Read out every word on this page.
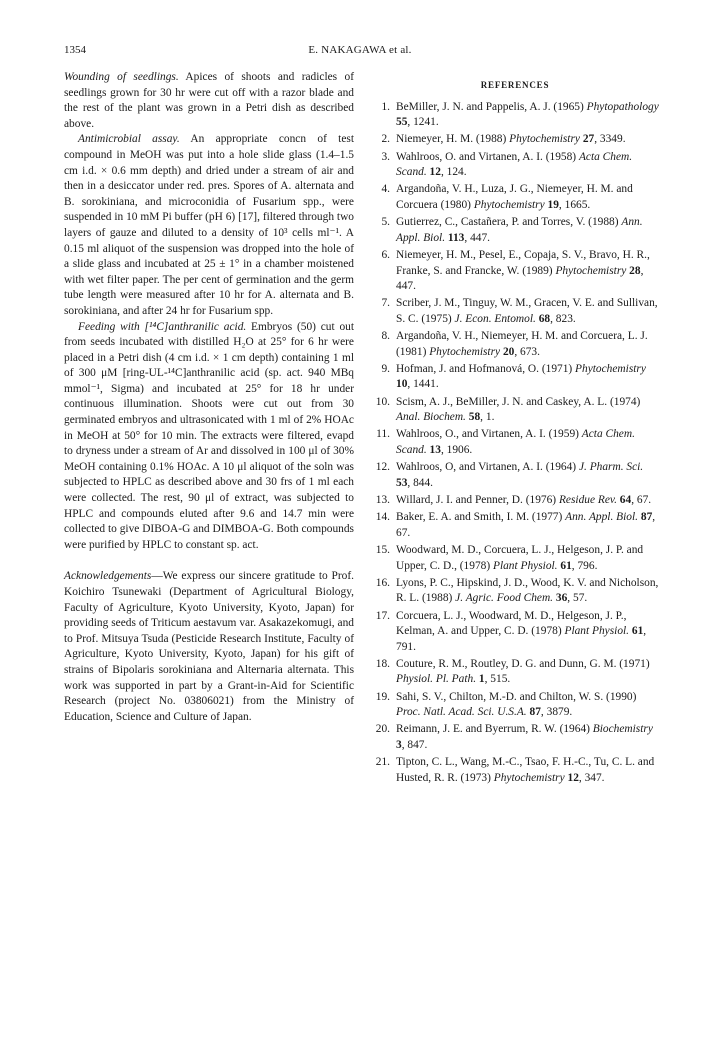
1354	E. NAKAGAWA et al.

Wounding of seedlings. Apices of shoots and radicles of seedlings grown for 30 hr were cut off with a razor blade and the rest of the plant was grown in a Petri dish as described above.

Antimicrobial assay. An appropriate concn of test compound in MeOH was put into a hole slide glass (1.4–1.5 cm i.d. × 0.6 mm depth) and dried under a stream of air and then in a desiccator under red. pres. Spores of A. alternata and B. sorokiniana, and microconidia of Fusarium spp., were suspended in 10 mM Pi buffer (pH 6) [17], filtered through two layers of gauze and diluted to a density of 10³ cells ml⁻¹. A 0.15 ml aliquot of the suspension was dropped into the hole of a slide glass and incubated at 25 ± 1° in a chamber moistened with wet filter paper. The per cent of germination and the germ tube length were measured after 10 hr for A. alternata and B. sorokiniana, and after 24 hr for Fusarium spp.

Feeding with [¹⁴C]anthranilic acid. Embryos (50) cut out from seeds incubated with distilled H₂O at 25° for 6 hr were placed in a Petri dish (4 cm i.d. × 1 cm depth) containing 1 ml of 300 μM [ring-UL-¹⁴C]anthranilic acid (sp. act. 940 MBq mmol⁻¹, Sigma) and incubated at 25° for 18 hr under continuous illumination. Shoots were cut out from 30 germinated embryos and ultrasonicated with 1 ml of 2% HOAc in MeOH at 50° for 10 min. The extracts were filtered, evapd to dryness under a stream of Ar and dissolved in 100 μl of 30% MeOH containing 0.1% HOAc. A 10 μl aliquot of the soln was subjected to HPLC as described above and 30 frs of 1 ml each were collected. The rest, 90 μl of extract, was subjected to HPLC and compounds eluted after 9.6 and 14.7 min were collected to give DIBOA-G and DIMBOA-G. Both compounds were purified by HPLC to constant sp. act.

Acknowledgements—We express our sincere gratitude to Prof. Koichiro Tsunewaki (Department of Agricultural Biology, Faculty of Agriculture, Kyoto University, Kyoto, Japan) for providing seeds of Triticum aestavum var. Asakazekomugi, and to Prof. Mitsuya Tsuda (Pesticide Research Institute, Faculty of Agriculture, Kyoto University, Kyoto, Japan) for his gift of strains of Bipolaris sorokiniana and Alternaria alternata. This work was supported in part by a Grant-in-Aid for Scientific Research (project No. 03806021) from the Ministry of Education, Science and Culture of Japan.

REFERENCES
1. BeMiller, J. N. and Pappelis, A. J. (1965) Phytopathology 55, 1241.
2. Niemeyer, H. M. (1988) Phytochemistry 27, 3349.
3. Wahlroos, O. and Virtanen, A. I. (1958) Acta Chem. Scand. 12, 124.
4. Argandoña, V. H., Luza, J. G., Niemeyer, H. M. and Corcuera (1980) Phytochemistry 19, 1665.
5. Gutierrez, C., Castañera, P. and Torres, V. (1988) Ann. Appl. Biol. 113, 447.
6. Niemeyer, H. M., Pesel, E., Copaja, S. V., Bravo, H. R., Franke, S. and Francke, W. (1989) Phytochemistry 28, 447.
7. Scriber, J. M., Tinguy, W. M., Gracen, V. E. and Sullivan, S. C. (1975) J. Econ. Entomol. 68, 823.
8. Argandoña, V. H., Niemeyer, H. M. and Corcuera, L. J. (1981) Phytochemistry 20, 673.
9. Hofman, J. and Hofmanová, O. (1971) Phytochemistry 10, 1441.
10. Scism, A. J., BeMiller, J. N. and Caskey, A. L. (1974) Anal. Biochem. 58, 1.
11. Wahlroos, O., and Virtanen, A. I. (1959) Acta Chem. Scand. 13, 1906.
12. Wahlroos, O, and Virtanen, A. I. (1964) J. Pharm. Sci. 53, 844.
13. Willard, J. I. and Penner, D. (1976) Residue Rev. 64, 67.
14. Baker, E. A. and Smith, I. M. (1977) Ann. Appl. Biol. 87, 67.
15. Woodward, M. D., Corcuera, L. J., Helgeson, J. P. and Upper, C. D., (1978) Plant Physiol. 61, 796.
16. Lyons, P. C., Hipskind, J. D., Wood, K. V. and Nicholson, R. L. (1988) J. Agric. Food Chem. 36, 57.
17. Corcuera, L. J., Woodward, M. D., Helgeson, J. P., Kelman, A. and Upper, C. D. (1978) Plant Physiol. 61, 791.
18. Couture, R. M., Routley, D. G. and Dunn, G. M. (1971) Physiol. Pl. Path. 1, 515.
19. Sahi, S. V., Chilton, M.-D. and Chilton, W. S. (1990) Proc. Natl. Acad. Sci. U.S.A. 87, 3879.
20. Reimann, J. E. and Byerrum, R. W. (1964) Biochemistry 3, 847.
21. Tipton, C. L., Wang, M.-C., Tsao, F. H.-C., Tu, C. L. and Husted, R. R. (1973) Phytochemistry 12, 347.
